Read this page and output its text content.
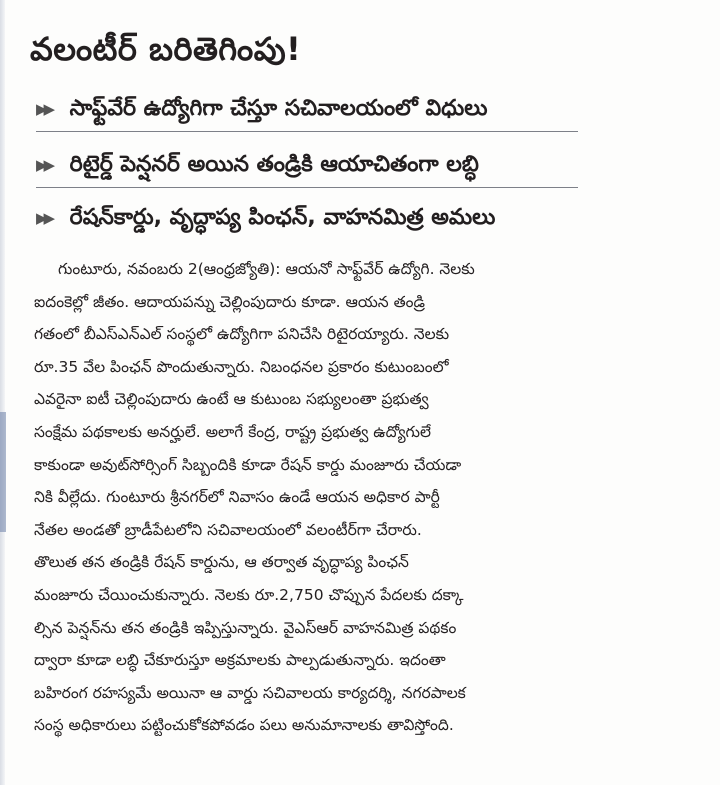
వలంటీర్‌ బరితెగింపు!
▶▶ సాఫ్ట్‌వేర్‌ ఉద్యోగిగా చేస్తూ సచివాలయంలో విధులు
▶▶ రిటైర్డ్‌ పెన్షనర్‌ అయిన తండ్రికి ఆయాచితంగా లబ్ధి
▶▶ రేషన్‌కార్డు, వృద్ధాప్య పింఛన్‌, వాహనమిత్ర అమలు
గుంటూరు, నవంబరు 2(ఆంధ్రజ్యోతి): ఆయనో సాఫ్ట్‌వేర్‌ ఉద్యోగి. నెలకు
ఐదంకెల్లో జీతం. ఆదాయపన్ను చెల్లింపుదారు కూడా. ఆయన తండ్రి
గతంలో బీఎస్‌ఎన్‌ఎల్‌ సంస్థలో ఉద్యోగిగా పనిచేసి రిటైరయ్యారు. నెలకు
రూ.35 వేల పింఛన్‌ పొందుతున్నారు. నిబంధనల ప్రకారం కుటుంబంలో
ఎవరైనా ఐటీ చెల్లింపుదారు ఉంటే ఆ కుటుంబ సభ్యులంతా ప్రభుత్వ
సంక్షేమ పథకాలకు అనర్హులే. అలాగే కేంద్ర, రాష్ట్ర ప్రభుత్వ ఉద్యోగులే
కాకుండా అవుట్‌సోర్సింగ్‌ సిబ్బందికి కూడా రేషన్‌ కార్డు మంజూరు చేయడా
నికి వీల్లేదు. గుంటూరు శ్రీనగర్‌లో నివాసం ఉండే ఆయన అధికార పార్టీ
నేతల అండతో బ్రాడీపేటలోని సచివాలయంలో వలంటీర్‌గా చేరారు.
తొలుత తన తండ్రికి రేషన్‌ కార్డును, ఆ తర్వాత వృద్ధాప్య పింఛన్‌
మంజూరు చేయించుకున్నారు. నెలకు రూ.2,750 చొప్పున పేదలకు దక్కా
ల్సిన పెన్షన్‌ను తన తండ్రికి ఇప్పిస్తున్నారు. వైఎస్‌ఆర్‌ వాహనమిత్ర పథకం
ద్వారా కూడా లబ్ధి చేకూరుస్తూ అక్రమాలకు పాల్పడుతున్నారు. ఇదంతా
బహిరంగ రహస్యమే అయినా ఆ వార్డు సచివాలయ కార్యదర్శి, నగరపాలక
సంస్థ అధికారులు పట్టించుకోకపోవడం పలు అనుమానాలకు తావిస్తోంది.
